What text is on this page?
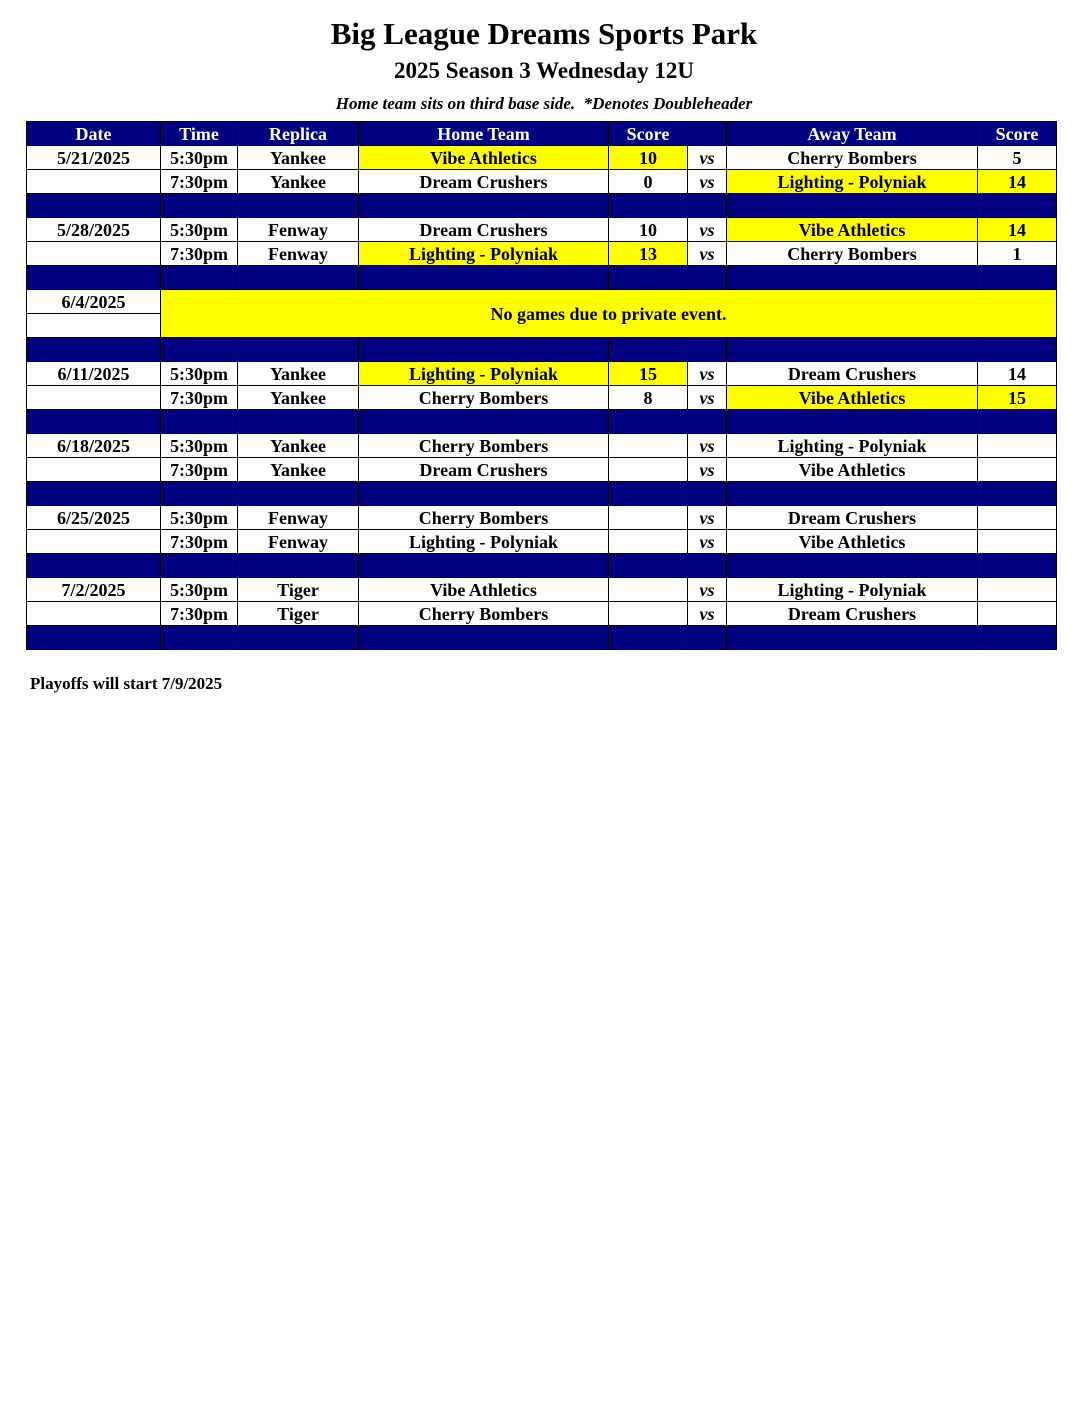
Big League Dreams Sports Park
2025 Season 3 Wednesday 12U
Home team sits on third base side.  *Denotes Doubleheader
Date	Time	Replica	Home Team	Score		Away Team	Score
5/21/2025	5:30pm	Yankee	Vibe Athletics	10	vs	Cherry Bombers	5
	7:30pm	Yankee	Dream Crushers	0	vs	Lighting - Polyniak	14

5/28/2025	5:30pm	Fenway	Dream Crushers	10	vs	Vibe Athletics	14
	7:30pm	Fenway	Lighting - Polyniak	13	vs	Cherry Bombers	1

6/4/2025	No games due to private event.						

6/11/2025	5:30pm	Yankee	Lighting - Polyniak	15	vs	Dream Crushers	14
	7:30pm	Yankee	Cherry Bombers	8	vs	Vibe Athletics	15

6/18/2025	5:30pm	Yankee	Cherry Bombers		vs	Lighting - Polyniak	
	7:30pm	Yankee	Dream Crushers		vs	Vibe Athletics	

6/25/2025	5:30pm	Fenway	Cherry Bombers		vs	Dream Crushers	
	7:30pm	Fenway	Lighting - Polyniak		vs	Vibe Athletics	

7/2/2025	5:30pm	Tiger	Vibe Athletics		vs	Lighting - Polyniak	
	7:30pm	Tiger	Cherry Bombers		vs	Dream Crushers	

Playoffs will start 7/9/2025
